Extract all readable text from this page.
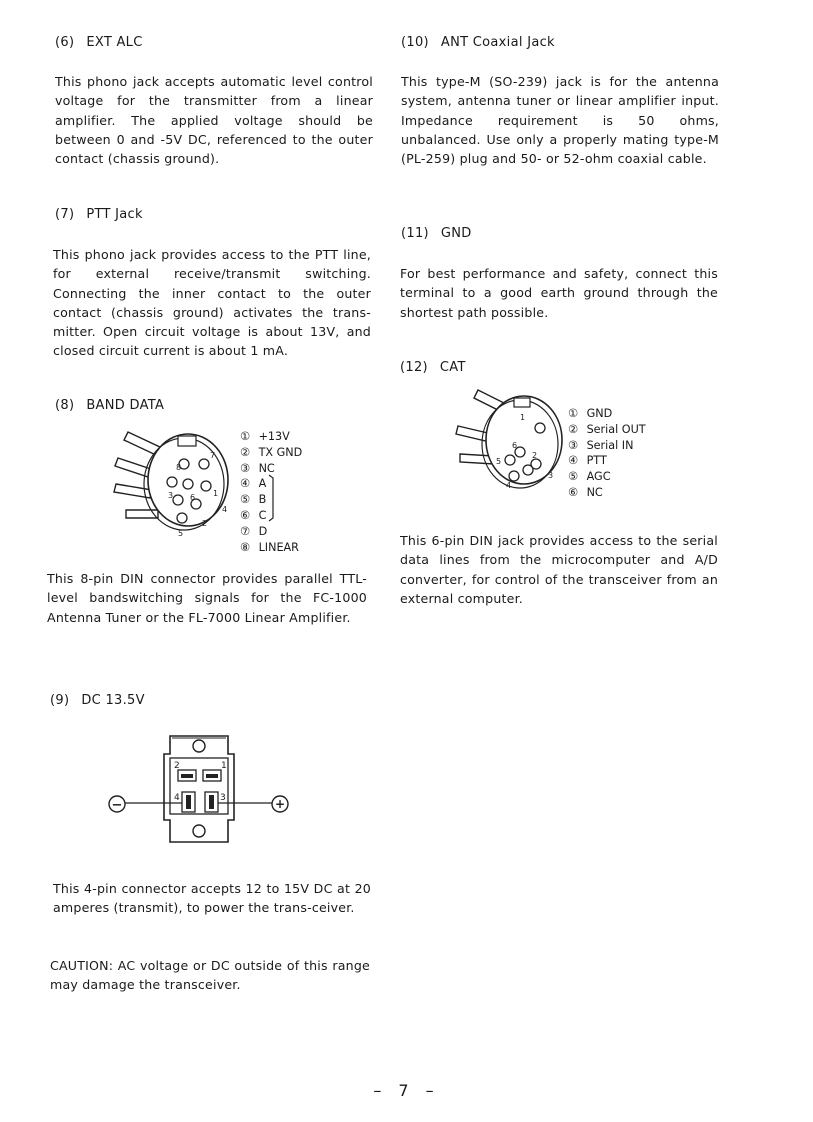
(6) EXT ALC
This phono jack accepts automatic level control voltage for the transmitter from a linear amplifier. The applied voltage should be between 0 and -5V DC, referenced to the outer contact (chassis ground).
(7) PTT Jack
This phono jack provides access to the PTT line, for external receive/transmit switching. Connecting the inner contact to the outer contact (chassis ground) activates the trans-mitter. Open circuit voltage is about 13V, and closed circuit current is about 1 mA.
(8) BAND DATA
7
1
2
3
4
5
6
8
① +13V
② TX GND
③ NC
④ A
⑤ B
⑥ C
⑦ D
⑧ LINEAR
This 8-pin DIN connector provides parallel TTL-level bandswitching signals for the FC-1000 Antenna Tuner or the FL-7000 Linear Amplifier.
(9) DC 13.5V
−	+
2	1
4	3
This 4-pin connector accepts 12 to 15V DC at 20 amperes (transmit), to power the trans-ceiver.
CAUTION: AC voltage or DC outside of this range may damage the transceiver.
(10) ANT Coaxial Jack
This type-M (SO-239) jack is for the antenna system, antenna tuner or linear amplifier input. Impedance requirement is 50 ohms, unbalanced. Use only a properly mating type-M (PL-259) plug and 50- or 52-ohm coaxial cable.
(11) GND
For best performance and safety, connect this terminal to a good earth ground through the shortest path possible.
(12) CAT
1
2
3
4
5
6
① GND
② Serial OUT
③ Serial IN
④ PTT
⑤ AGC
⑥ NC
This 6-pin DIN jack provides access to the serial data lines from the microcomputer and A/D converter, for control of the transceiver from an external computer.
– 7 –
